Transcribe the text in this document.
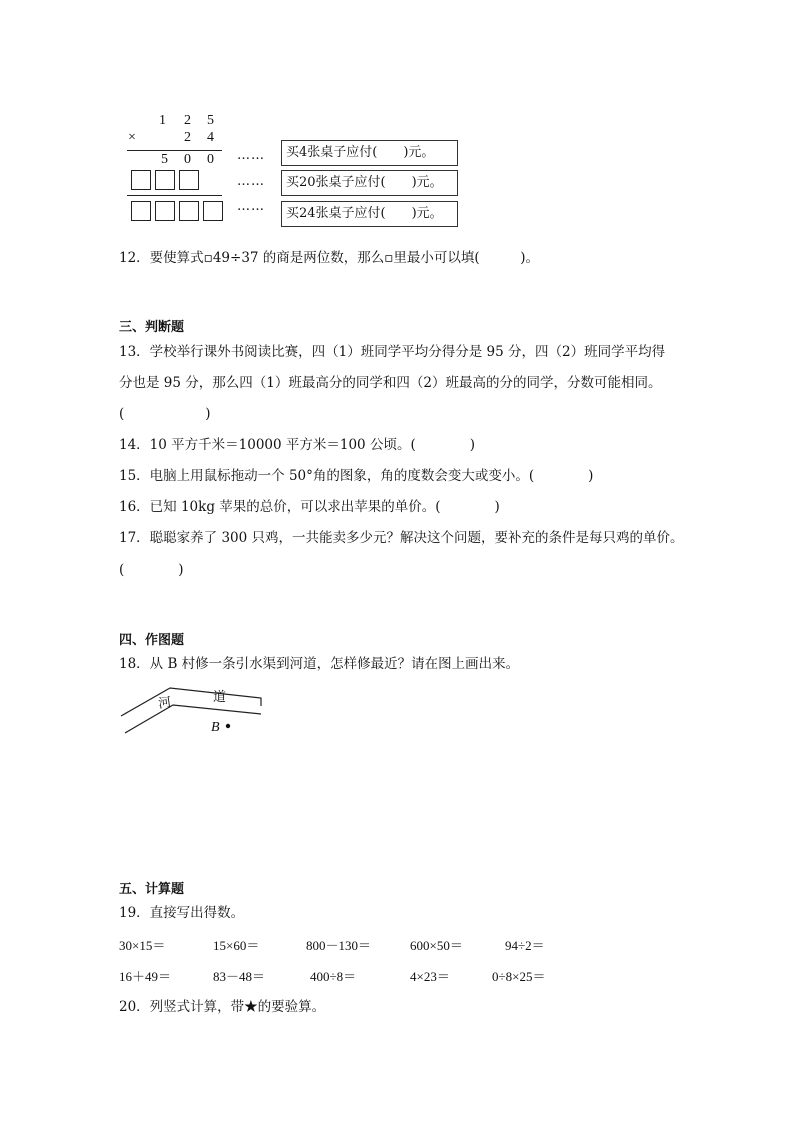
1 2 5
×	2 4
5 0 0 ……
……
……
买4张桌子应付(　　)元。
买20张桌子应付(　　)元。
买24张桌子应付(　　)元。
12．要使算式▫49÷37 的商是两位数，那么▫里最小可以填(　　　)。
三、判断题
13．学校举行课外书阅读比赛，四（1）班同学平均分得分是 95 分，四（2）班同学平均得
分也是 95 分，那么四（1）班最高分的同学和四（2）班最高的分的同学，分数可能相同。
(　　　　　　)
14．10 平方千米＝10000 平方米＝100 公顷。(　　　　)
15．电脑上用鼠标拖动一个 50°角的图象，角的度数会变大或变小。(　　　　)
16．已知 10kg 苹果的总价，可以求出苹果的单价。(　　　　)
17．聪聪家养了 300 只鸡，一共能卖多少元？解决这个问题，要补充的条件是每只鸡的单价。
(　　　　)
四、作图题
18．从 B 村修一条引水渠到河道，怎样修最近？请在图上画出来。
河	道
B
五、计算题
19．直接写出得数。
30×15＝	15×60＝	800－130＝	600×50＝	94÷2＝
16＋49＝	83－48＝	400÷8＝	4×23＝	0÷8×25＝
20．列竖式计算，带★的要验算。
